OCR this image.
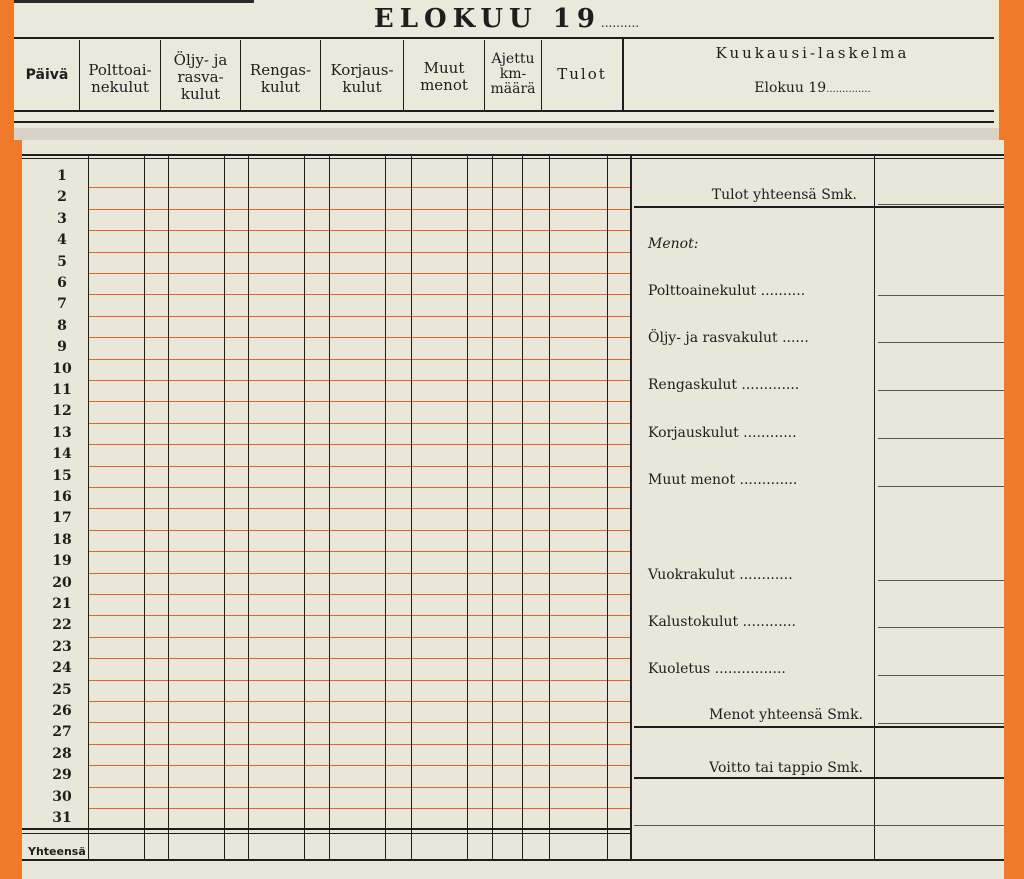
ELOKUU 19..........
Päivä	Polttoai-
nekulut
Öljy- ja
rasva-
kulut
Rengas-
kulut
Korjaus-
kulut
Muut
menot
Ajettu
km-
määrä
Tulot
Kuukausi-laskelma
Elokuu 19..............
1
2
3
4
5
6
7
8
9
10
11
12
13
14
15
16
17
18
19
20
21
22
23
24
25
26
27
28
29
30
31
Yhteensä
Tulot yhteensä Smk.
Menot:
Polttoainekulut ..........
Öljy- ja rasvakulut ......
Rengaskulut .............
Korjauskulut ............
Muut menot .............
Vuokrakulut ............
Kalustokulut ............
Kuoletus ................
Menot yhteensä Smk.
Voitto tai tappio Smk.
